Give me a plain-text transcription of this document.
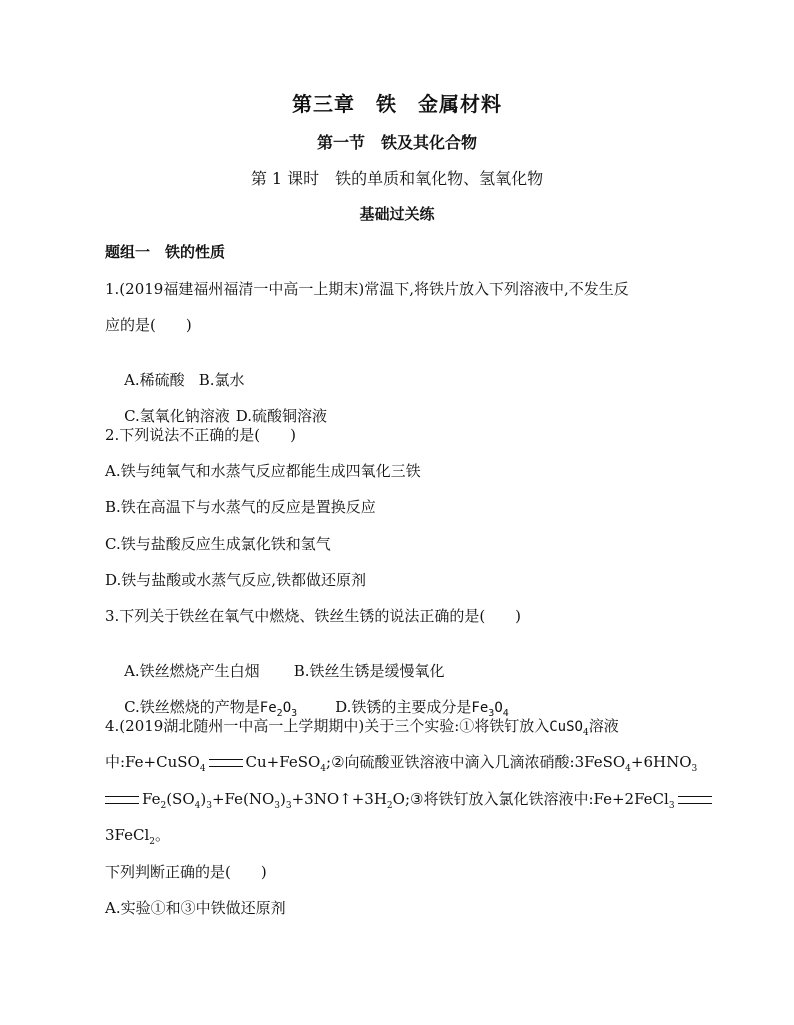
第三章　铁　金属材料
第一节　铁及其化合物
第 1 课时　铁的单质和氧化物、氢氧化物
基础过关练
题组一　铁的性质
1.(2019福建福州福清一中高一上期末)常温下,将铁片放入下列溶液中,不发生反
应的是(　　)

A.稀硫酸 B.氯水

C.氢氧化钠溶液 D.硫酸铜溶液

2.下列说法不正确的是(　　)
A.铁与纯氧气和水蒸气反应都能生成四氧化三铁
B.铁在高温下与水蒸气的反应是置换反应
C.铁与盐酸反应生成氯化铁和氢气
D.铁与盐酸或水蒸气反应,铁都做还原剂
3.下列关于铁丝在氧气中燃烧、铁丝生锈的说法正确的是(　　)

A.铁丝燃烧产生白烟 B.铁丝生锈是缓慢氧化

C.铁丝燃烧的产物是$Fe_2O_3$	D.铁锈的主要成分是$Fe_3O_4$

4.(2019湖北随州一中高一上学期期中)关于三个实验:①将铁钉放入CuSO$_4$溶液
中:Fe+CuSO$_4$	Cu+FeSO$_4$;②向硫酸亚铁溶液中滴入几滴浓硝酸$:3FeSO_4+6HNO_3$
$Fe_2(SO_4)_3+Fe(NO_3)_3+3NO↑+3H_2O;③$将铁钉放入氯化铁溶液中:Fe+2FeCl$_3$
3FeCl$_2$。
下列判断正确的是(　　)
A.实验①和③中铁做还原剂
